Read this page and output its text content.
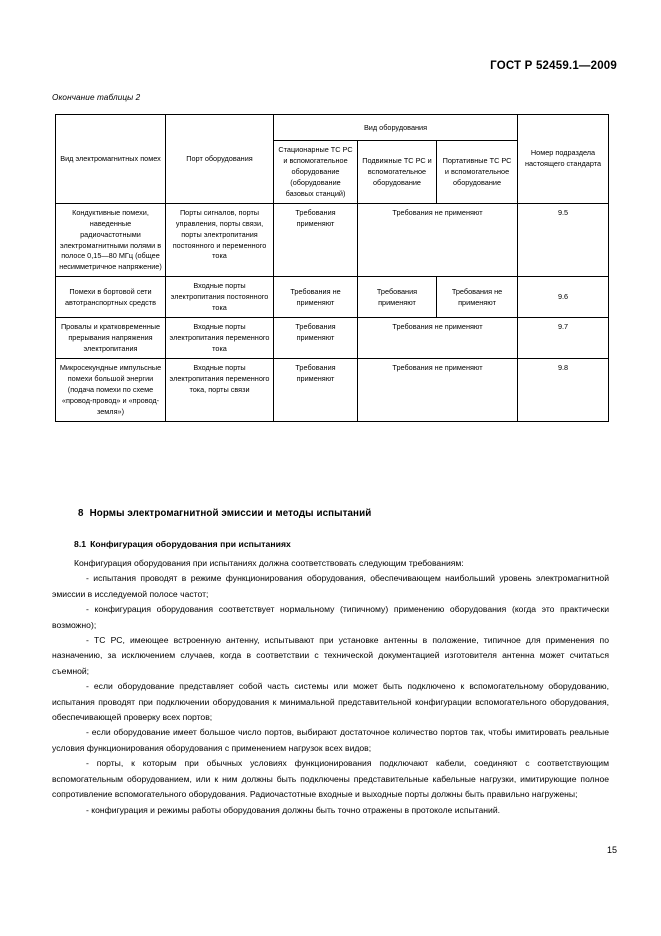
ГОСТ Р 52459.1—2009
Окончание таблицы 2
Вид электромагнитных помех	Порт оборудования	Вид оборудования			Номер подраздела настоящего стандарта
		Стационарные ТС РС и вспомогательное оборудование (оборудование базовых станций)	Подвижные ТС РС и вспомогательное оборудование	Портативные ТС РС и вспомогательное оборудование	
Кондуктивные помехи, наведенные радиочастотными электромагнитными полями в полосе 0,15—80 МГц (общее несимметричное напряжение)	Порты сигналов, порты управления, порты связи, порты электропитания постоянного и переменного тока	Требования применяют	Требования не применяют		9.5
Помехи в бортовой сети автотранспортных средств	Входные порты электропитания постоянного тока	Требования не применяют	Требования применяют	Требования не применяют	9.6
Провалы и кратковременные прерывания напряжения электропитания	Входные порты электропитания переменного тока	Требования применяют	Требования не применяют		9.7
Микросекундные импульсные помехи большой энергии (подача помехи по схеме «провод-провод» и «провод-земля»)	Входные порты электропитания переменного тока, порты связи	Требования применяют	Требования не применяют		9.8
8 Нормы электромагнитной эмиссии и методы испытаний
8.1 Конфигурация оборудования при испытаниях

Конфигурация оборудования при испытаниях должна соответствовать следующим требованиям:

- испытания проводят в режиме функционирования оборудования, обеспечивающем наибольший уровень электромагнитной эмиссии в исследуемой полосе частот;

- конфигурация оборудования соответствует нормальному (типичному) применению оборудования (когда это практически возможно);

- ТС РС, имеющее встроенную антенну, испытывают при установке антенны в положение, типичное для применения по назначению, за исключением случаев, когда в соответствии с технической документацией изготовителя антенна может считаться съемной;

- если оборудование представляет собой часть системы или может быть подключено к вспомогательному оборудованию, испытания проводят при подключении оборудования к минимальной представительной конфигурации вспомогательного оборудования, обеспечивающей проверку всех портов;

- если оборудование имеет большое число портов, выбирают достаточное количество портов так, чтобы имитировать реальные условия функционирования оборудования с применением нагрузок всех видов;

- порты, к которым при обычных условиях функционирования подключают кабели, соединяют с соответствующим вспомогательным оборудованием, или к ним должны быть подключены представительные кабельные нагрузки, имитирующие полное сопротивление вспомогательного оборудования. Радиочастотные входные и выходные порты должны быть правильно нагружены;

- конфигурация и режимы работы оборудования должны быть точно отражены в протоколе испытаний.

15
